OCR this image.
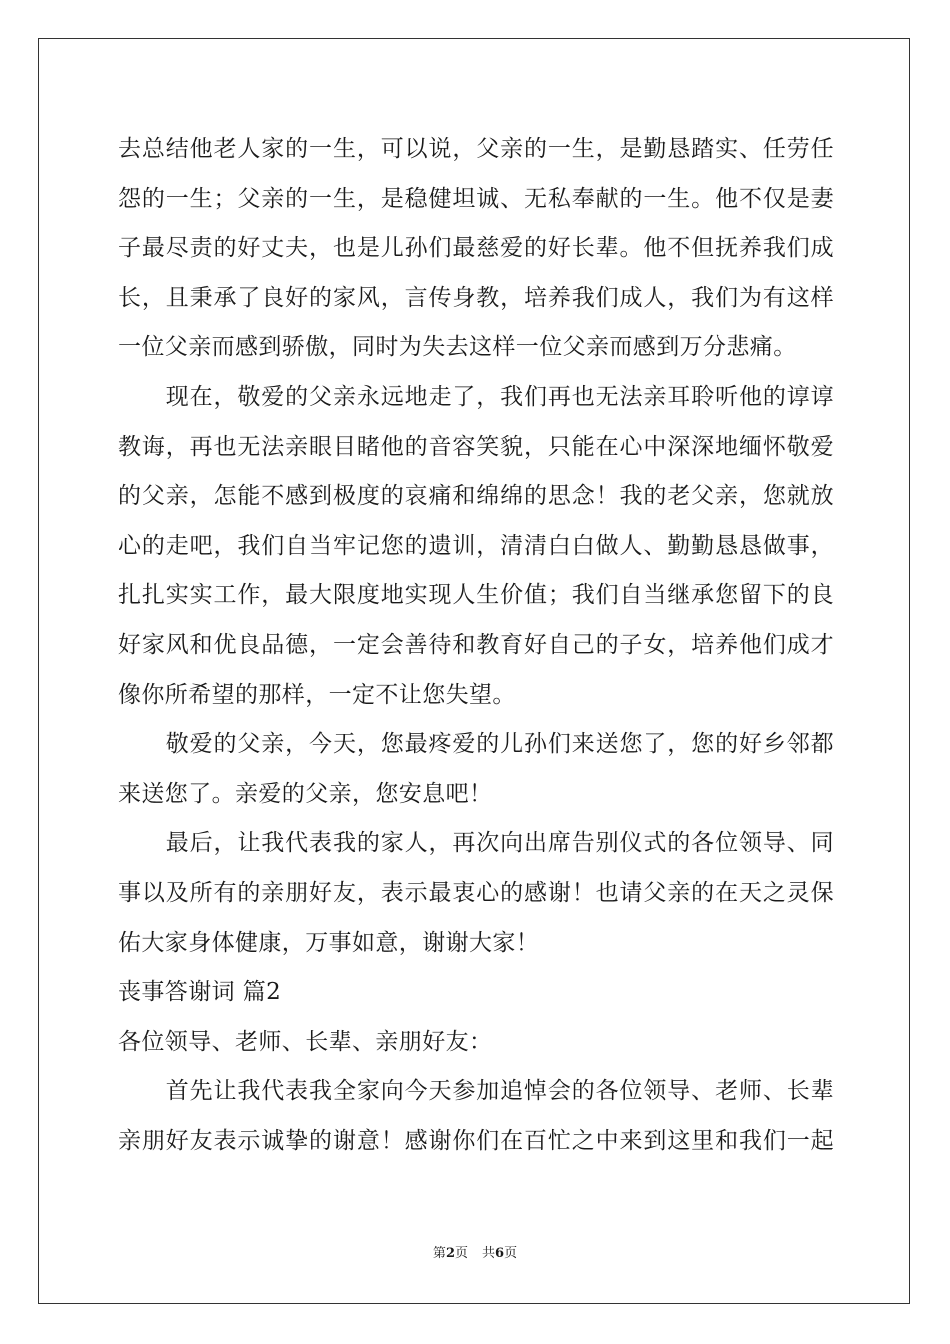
去总结他老人家的一生，可以说，父亲的一生，是勤恳踏实、任劳任
怨的一生；父亲的一生，是稳健坦诚、无私奉献的一生。他不仅是妻
子最尽责的好丈夫，也是儿孙们最慈爱的好长辈。他不但抚养我们成
长，且秉承了良好的家风，言传身教，培养我们成人，我们为有这样
一位父亲而感到骄傲，同时为失去这样一位父亲而感到万分悲痛。
　　现在，敬爱的父亲永远地走了，我们再也无法亲耳聆听他的谆谆
教诲，再也无法亲眼目睹他的音容笑貌，只能在心中深深地缅怀敬爱
的父亲，怎能不感到极度的哀痛和绵绵的思念！我的老父亲，您就放
心的走吧，我们自当牢记您的遗训，清清白白做人、勤勤恳恳做事，
扎扎实实工作，最大限度地实现人生价值；我们自当继承您留下的良
好家风和优良品德，一定会善待和教育好自己的子女，培养他们成才
像你所希望的那样，一定不让您失望。
　　敬爱的父亲，今天，您最疼爱的儿孙们来送您了，您的好乡邻都
来送您了。亲爱的父亲，您安息吧！
　　最后，让我代表我的家人，再次向出席告别仪式的各位领导、同
事以及所有的亲朋好友，表示最衷心的感谢！也请父亲的在天之灵保
佑大家身体健康，万事如意，谢谢大家！
丧事答谢词 篇2
各位领导、老师、长辈、亲朋好友：
　　首先让我代表我全家向今天参加追悼会的各位领导、老师、长辈
亲朋好友表示诚挚的谢意！感谢你们在百忙之中来到这里和我们一起
第2页 共6页
